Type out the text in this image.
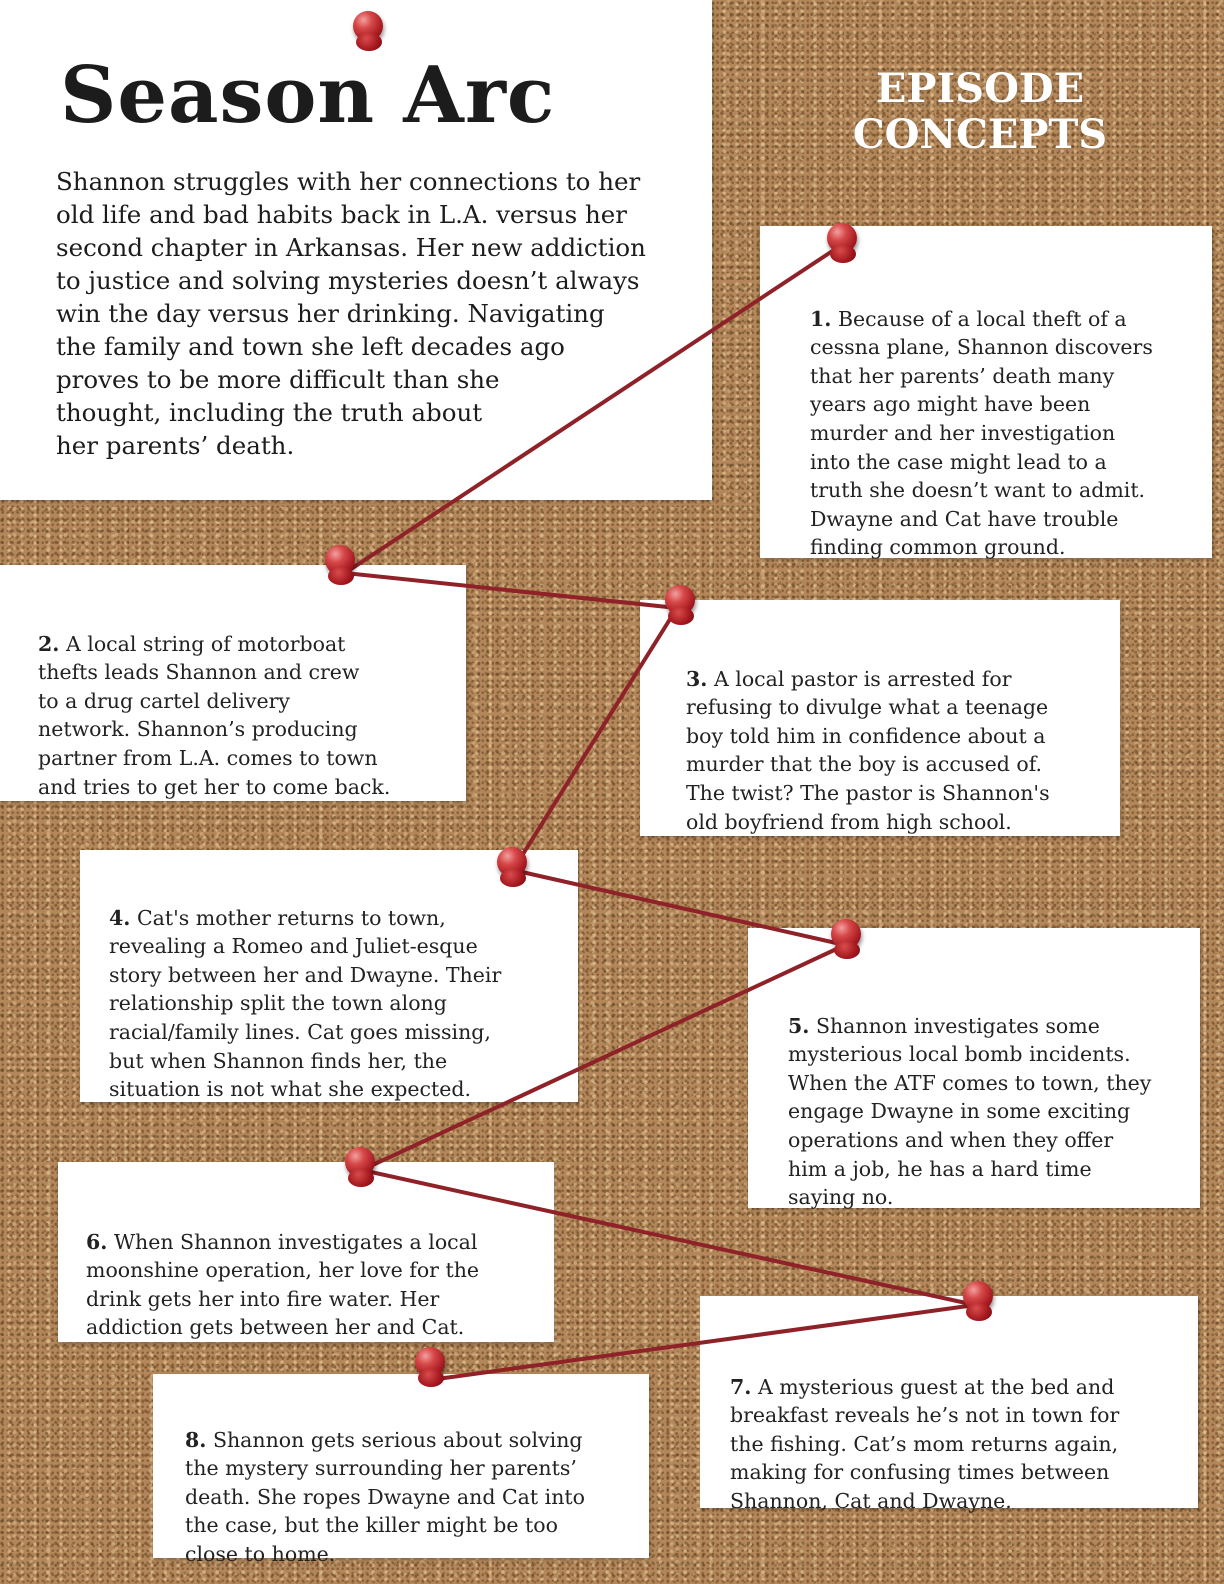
Season Arc

Shannon struggles with her connections to her
old life and bad habits back in L.A. versus her
second chapter in Arkansas. Her new addiction
to justice and solving mysteries doesn’t always
win the day versus her drinking. Navigating
the family and town she left decades ago
proves to be more difficult than she
thought, including the truth about
her parents’ death.

EPISODE CONCEPTS

1. Because of a local theft of a
cessna plane, Shannon discovers
that her parents’ death many
years ago might have been
murder and her investigation
into the case might lead to a
truth she doesn’t want to admit.
Dwayne and Cat have trouble
finding common ground.

2. A local string of motorboat
thefts leads Shannon and crew
to a drug cartel delivery
network. Shannon’s producing
partner from L.A. comes to town
and tries to get her to come back.

3. A local pastor is arrested for
refusing to divulge what a teenage
boy told him in confidence about a
murder that the boy is accused of.
The twist? The pastor is Shannon's
old boyfriend from high school.

4. Cat's mother returns to town,
revealing a Romeo and Juliet-esque
story between her and Dwayne. Their
relationship split the town along
racial/family lines. Cat goes missing,
but when Shannon finds her, the
situation is not what she expected.

5. Shannon investigates some
mysterious local bomb incidents.
When the ATF comes to town, they
engage Dwayne in some exciting
operations and when they offer
him a job, he has a hard time
saying no.

6. When Shannon investigates a local
moonshine operation, her love for the
drink gets her into fire water. Her
addiction gets between her and Cat.

7. A mysterious guest at the bed and
breakfast reveals he’s not in town for
the fishing. Cat’s mom returns again,
making for confusing times between
Shannon, Cat and Dwayne.

8. Shannon gets serious about solving
the mystery surrounding her parents’
death. She ropes Dwayne and Cat into
the case, but the killer might be too
close to home.
